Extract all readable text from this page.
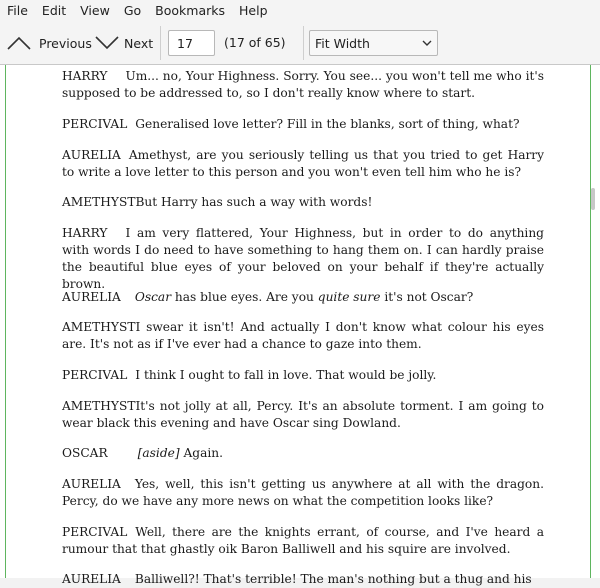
File	Edit	View	Go	Bookmarks	Help
Previous	Next
17	(17 of 65) Fit Width
HARRY Um... no, Your Highness. Sorry. You see... you won't tell me who it's supposed to be addressed to, so I don't really know where to start.
PERCIVAL Generalised love letter? Fill in the blanks, sort of thing, what?
AURELIA Amethyst, are you seriously telling us that you tried to get Harry to write a love letter to this person and you won't even tell him who he is?
AMETHYSTBut Harry has such a way with words!
HARRY I am very flattered, Your Highness, but in order to do anything with words I do need to have something to hang them on. I can hardly praise the beautiful blue eyes of your beloved on your behalf if they're actually brown.
AURELIA Oscar has blue eyes. Are you quite sure it's not Oscar?
AMETHYSTI swear it isn't! And actually I don't know what colour his eyes are. It's not as if I've ever had a chance to gaze into them.
PERCIVAL I think I ought to fall in love. That would be jolly.
AMETHYSTIt's not jolly at all, Percy. It's an absolute torment. I am going to wear black this evening and have Oscar sing Dowland.
OSCAR [aside] Again.
AURELIA Yes, well, this isn't getting us anywhere at all with the dragon. Percy, do we have any more news on what the competition looks like?
PERCIVAL Well, there are the knights errant, of course, and I've heard a rumour that that ghastly oik Baron Balliwell and his squire are involved.
AURELIA Balliwell?! That's terrible! The man's nothing but a thug and his
